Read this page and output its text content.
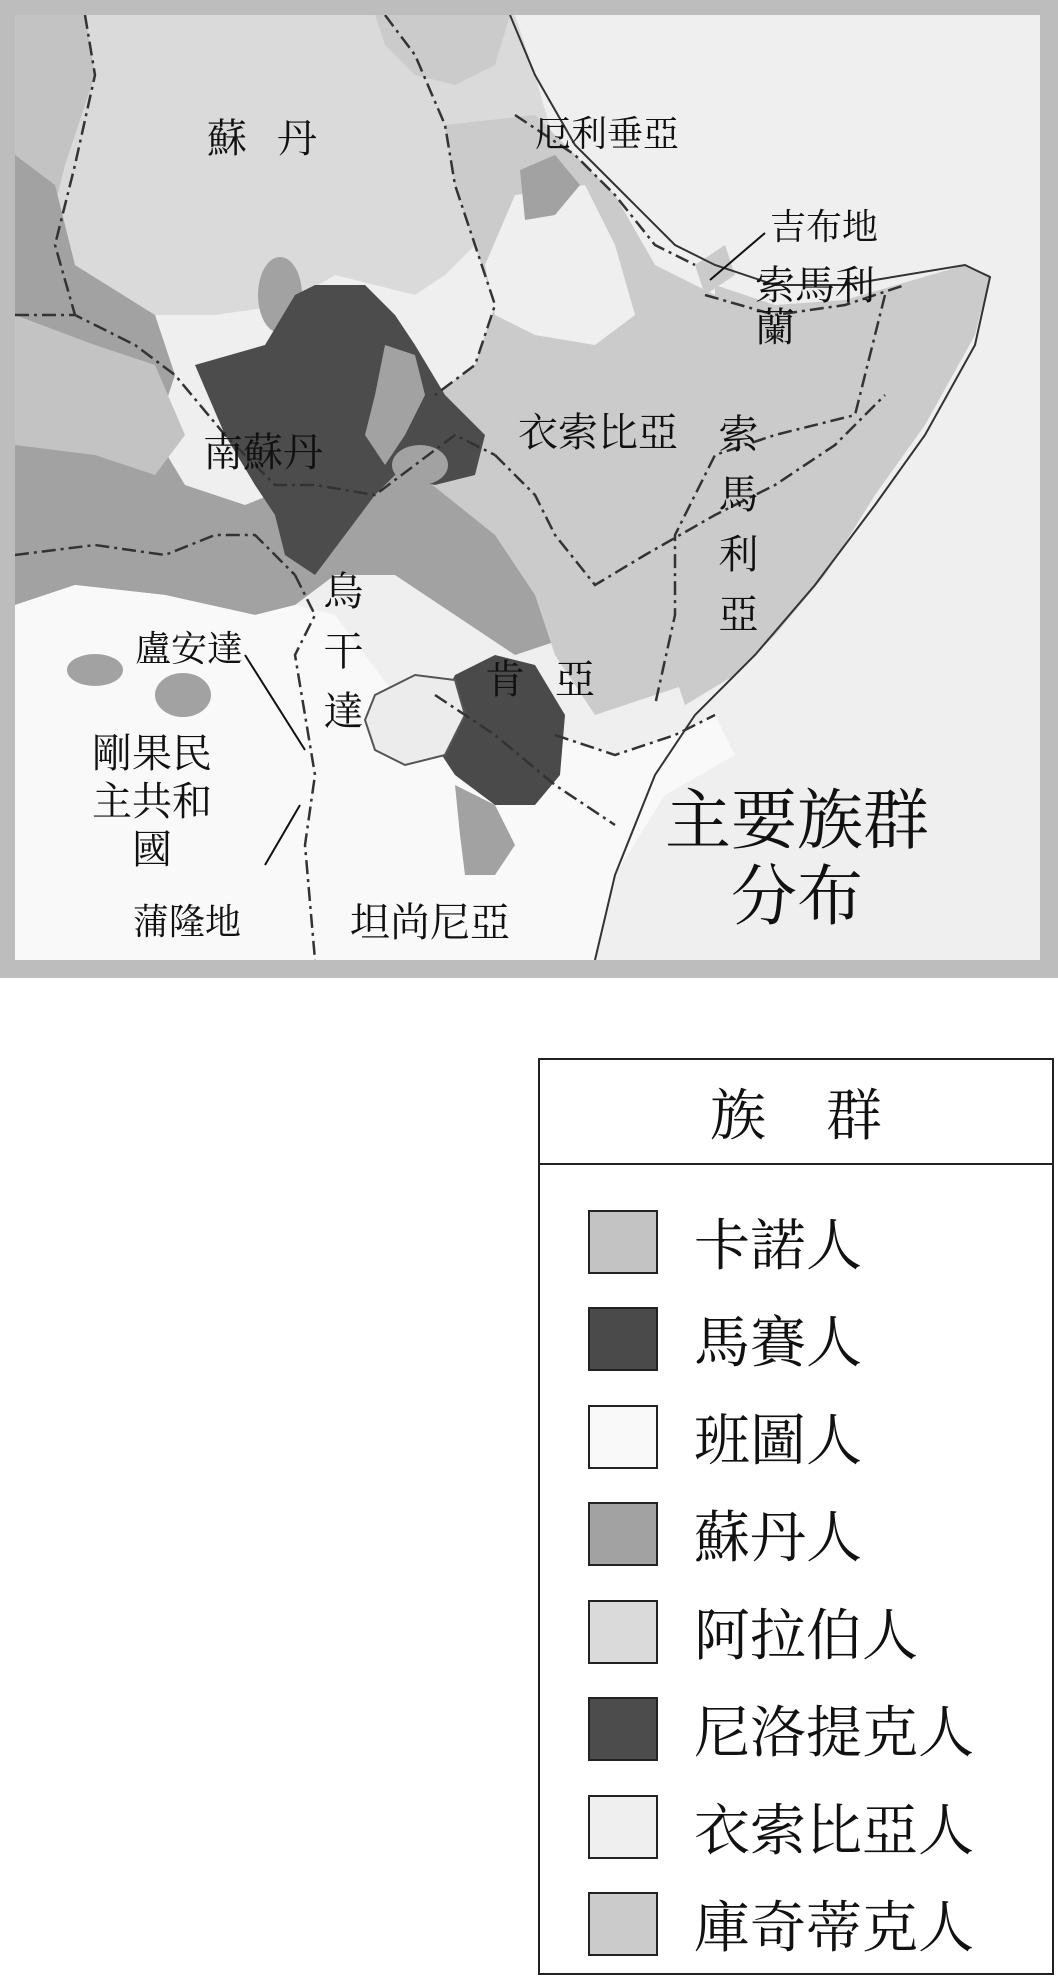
蘇丹	厄利垂亞
吉布地
索馬利蘭
南蘇丹	衣索比亞 索馬利亞
烏干達	肯亞
盧安達
剛果民主共和國
蒲隆地	坦尚尼亞
主要族群
分布
族群
卡諾人
馬賽人
班圖人
蘇丹人
阿拉伯人
尼洛提克人
衣索比亞人
庫奇蒂克人
